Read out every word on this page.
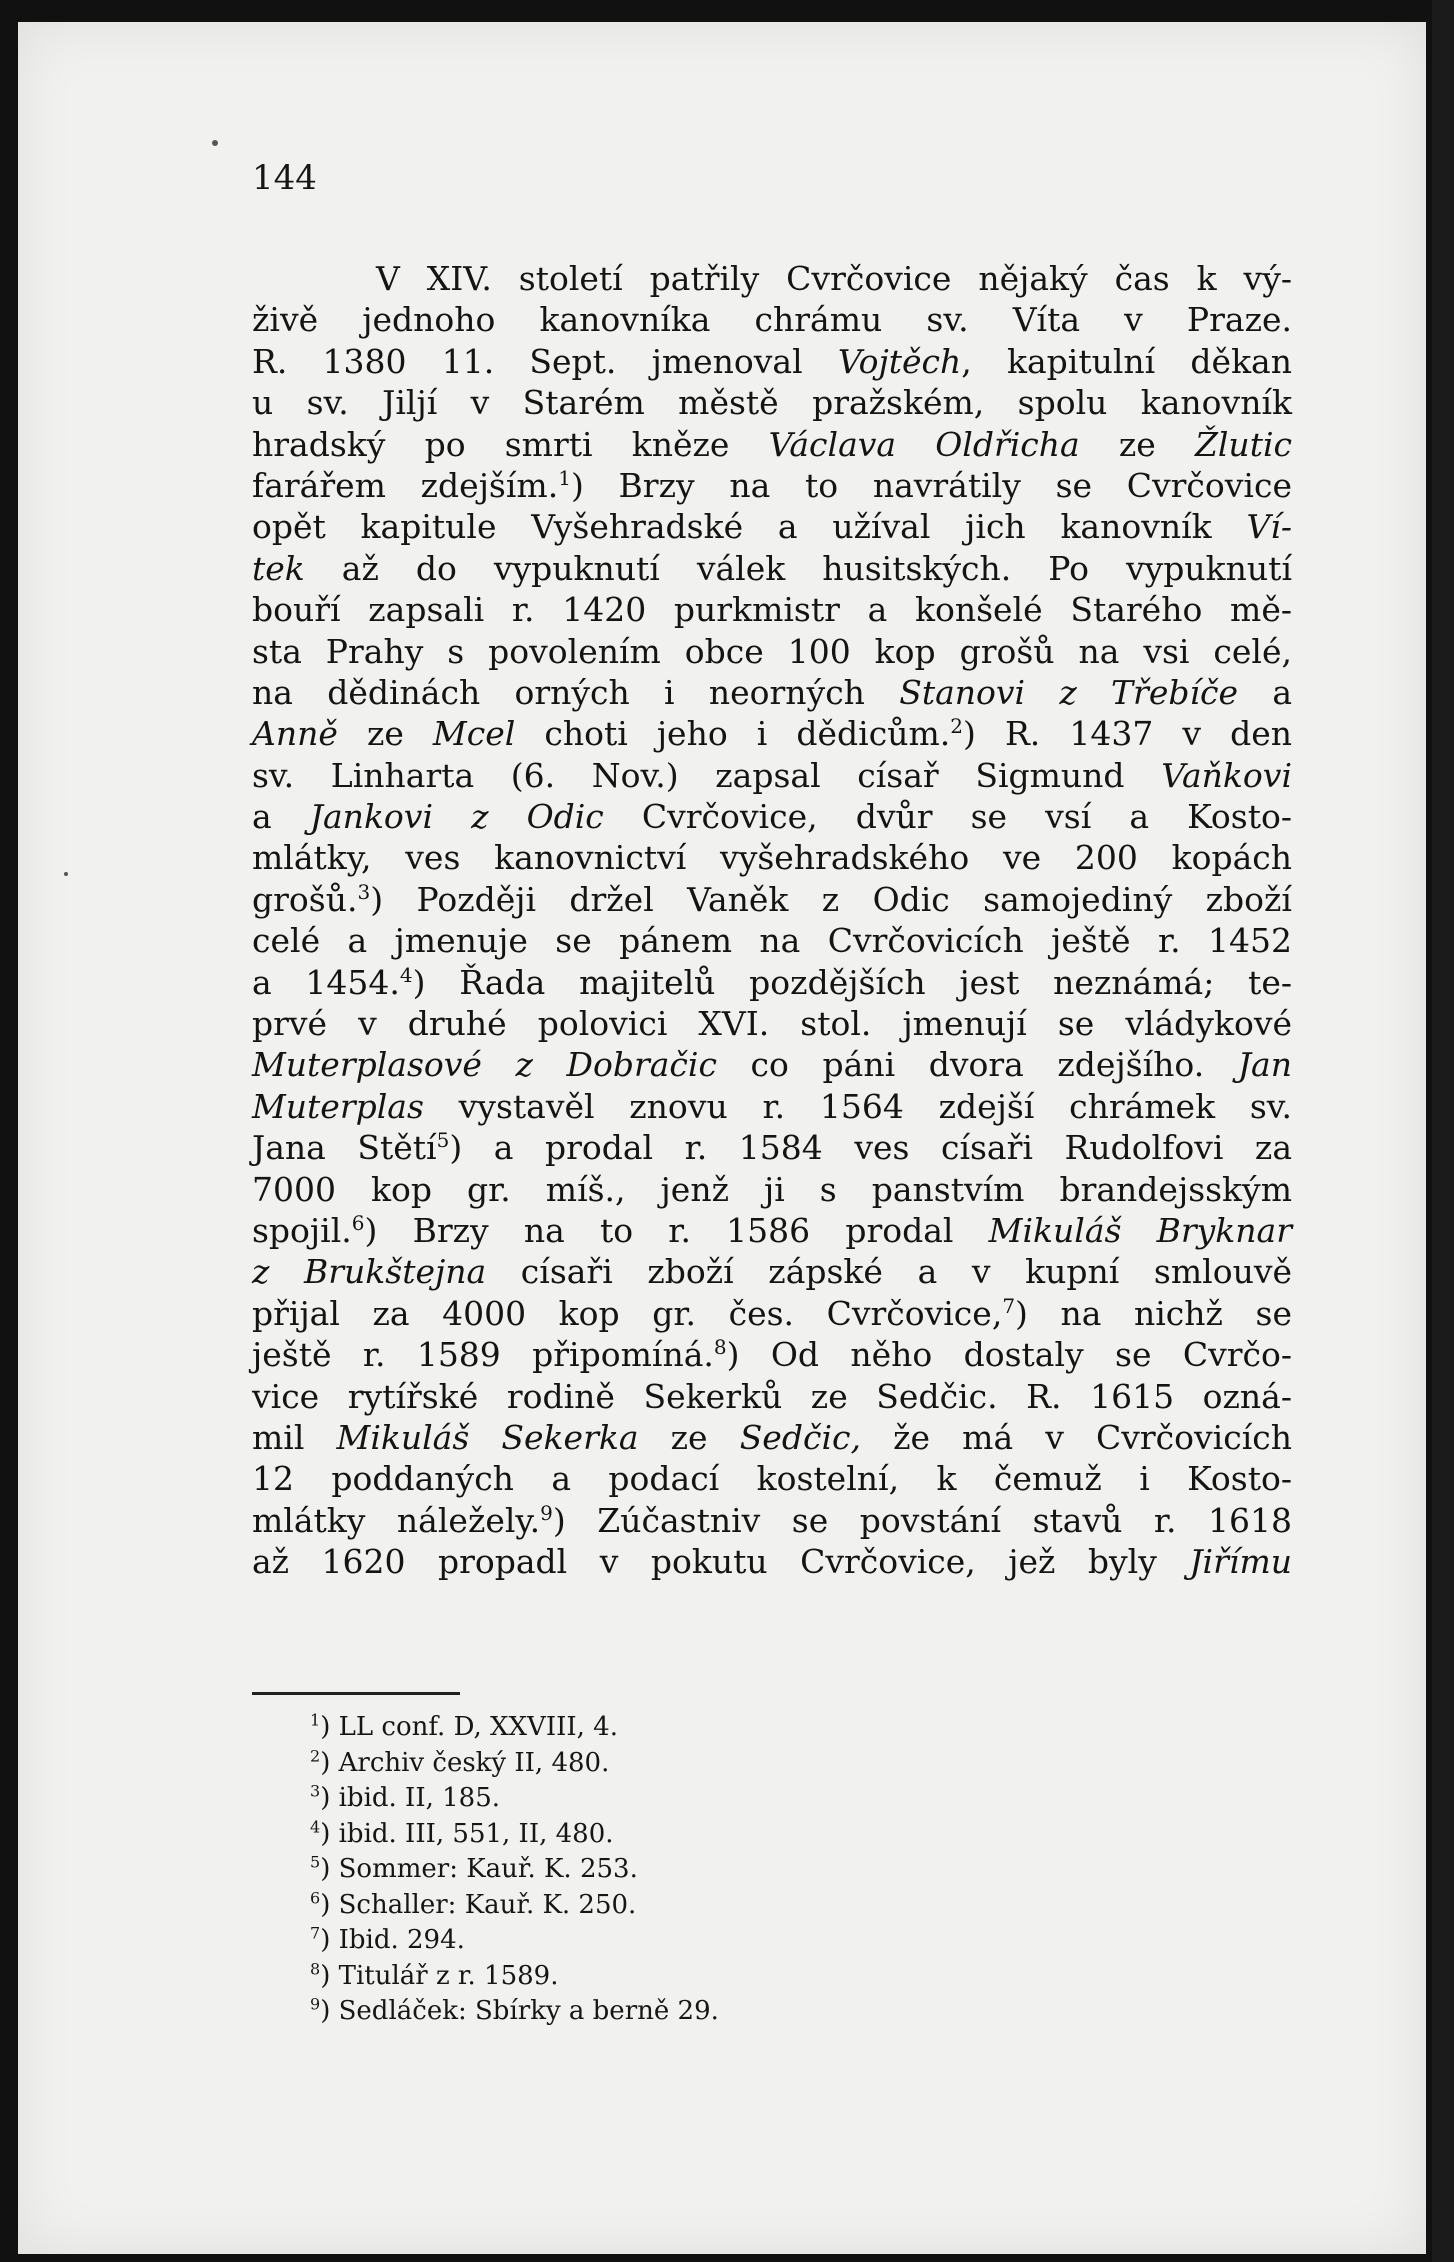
144
V XIV. století patřily Cvrčovice nějaký čas k vý-
živě jednoho kanovníka chrámu sv. Víta v Praze.
R. 1380 11. Sept. jmenoval Vojtěch, kapitulní děkan
u sv. Jiljí v Starém městě pražském, spolu kanovník
hradský po smrti kněze Václava Oldřicha ze Žlutic
farářem zdejším.$^1$) Brzy na to navrátily se Cvrčovice
opět kapitule Vyšehradské a užíval jich kanovník Ví-
tek až do vypuknutí válek husitských. Po vypuknutí
bouří zapsali r. 1420 purkmistr a konšelé Starého mě-
sta Prahy s povolením obce 100 kop grošů na vsi celé,
na dědinách orných i neorných Stanovi z Třebíče a
Anně ze Mcel choti jeho i dědicům.$^2$) R. 1437 v den
sv. Linharta (6. Nov.) zapsal císař Sigmund Vaňkovi
a Jankovi z Odic Cvrčovice, dvůr se vsí a Kosto-
mlátky, ves kanovnictví vyšehradského ve 200 kopách
grošů.$^3$) Později držel Vaněk z Odic samojediný zboží
celé a jmenuje se pánem na Cvrčovicích ještě r. 1452
a 1454.$^4$) Řada majitelů pozdějších jest neznámá; te-
prvé v druhé polovici XVI. stol. jmenují se vládykové
Muterplasové z Dobračic co páni dvora zdejšího. Jan
Muterplas vystavěl znovu r. 1564 zdejší chrámek sv.
Jana Stětí$^5$) a prodal r. 1584 ves císaři Rudolfovi za
7000 kop gr. míš., jenž ji s panstvím brandejsským
spojil.$^6$) Brzy na to r. 1586 prodal Mikuláš Bryknar
z Brukštejna císaři zboží zápské a v kupní smlouvě
přijal za 4000 kop gr. čes. Cvrčovice,$^7$) na nichž se
ještě r. 1589 připomíná.$^8$) Od něho dostaly se Cvrčo-
vice rytířské rodině Sekerků ze Sedčic. R. 1615 ozná-
mil Mikuláš Sekerka ze Sedčic, že má v Cvrčovicích
12 poddaných a podací kostelní, k čemuž i Kosto-
mlátky náležely.$^9$) Zúčastniv se povstání stavů r. 1618
až 1620 propadl v pokutu Cvrčovice, jež byly Jiřímu
$^1$) LL conf. D, XXVIII, 4.
$^2$) Archiv český II, 480.
$^3$) ibid. II, 185.
$^4$) ibid. III, 551, II, 480.
$^5$) Sommer: Kauř. K. 253.
$^6$) Schaller: Kauř. K. 250.
$^7$) Ibid. 294.
$^8$) Titulář z r. 1589.
$^9$) Sedláček: Sbírky a berně 29.
